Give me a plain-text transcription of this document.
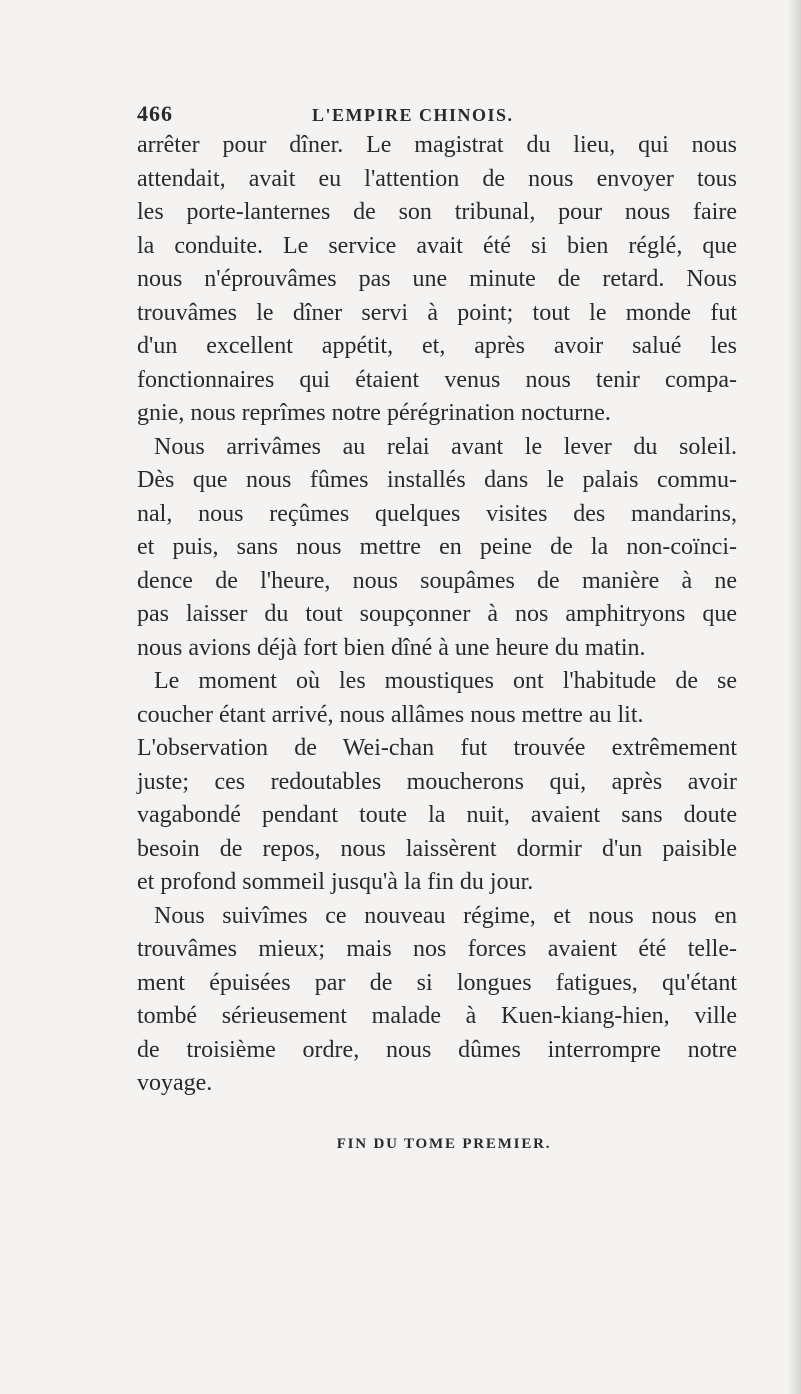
466	L'EMPIRE CHINOIS.
arrêter pour dîner. Le magistrat du lieu, qui nous
attendait, avait eu l'attention de nous envoyer tous
les porte-lanternes de son tribunal, pour nous faire
la conduite. Le service avait été si bien réglé, que
nous n'éprouvâmes pas une minute de retard. Nous
trouvâmes le dîner servi à point; tout le monde fut
d'un excellent appétit, et, après avoir salué les
fonctionnaires qui étaient venus nous tenir compa-
gnie, nous reprîmes notre pérégrination nocturne.
Nous arrivâmes au relai avant le lever du soleil.
Dès que nous fûmes installés dans le palais commu-
nal, nous reçûmes quelques visites des mandarins,
et puis, sans nous mettre en peine de la non-coïnci-
dence de l'heure, nous soupâmes de manière à ne
pas laisser du tout soupçonner à nos amphitryons que
nous avions déjà fort bien dîné à une heure du matin.
Le moment où les moustiques ont l'habitude de se
coucher étant arrivé, nous allâmes nous mettre au lit.
L'observation de Wei-chan fut trouvée extrêmement
juste; ces redoutables moucherons qui, après avoir
vagabondé pendant toute la nuit, avaient sans doute
besoin de repos, nous laissèrent dormir d'un paisible
et profond sommeil jusqu'à la fin du jour.
Nous suivîmes ce nouveau régime, et nous nous en
trouvâmes mieux; mais nos forces avaient été telle-
ment épuisées par de si longues fatigues, qu'étant
tombé sérieusement malade à Kuen-kiang-hien, ville
de troisième ordre, nous dûmes interrompre notre
voyage.
FIN DU TOME PREMIER.
